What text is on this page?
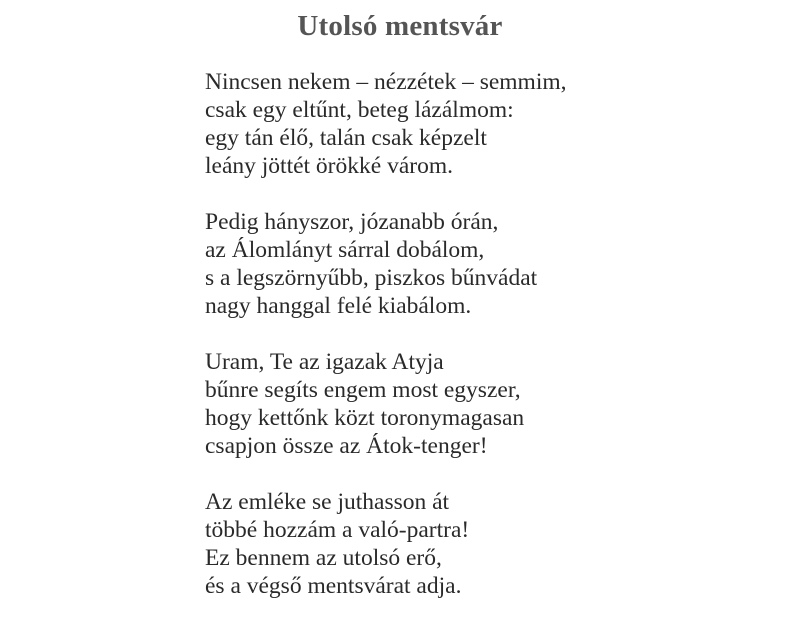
Utolsó mentsvár
Nincsen nekem – nézzétek – semmim,
csak egy eltűnt, beteg lázálmom:
egy tán élő, talán csak képzelt
leány jöttét örökké várom.
Pedig hányszor, józanabb órán,
az Álomlányt sárral dobálom,
s a legszörnyűbb, piszkos bűnvádat
nagy hanggal felé kiabálom.
Uram, Te az igazak Atyja
bűnre segíts engem most egyszer,
hogy kettőnk közt toronymagasan
csapjon össze az Átok-tenger!
Az emléke se juthasson át
többé hozzám a való-partra!
Ez bennem az utolsó erő,
és a végső mentsvárat adja.
